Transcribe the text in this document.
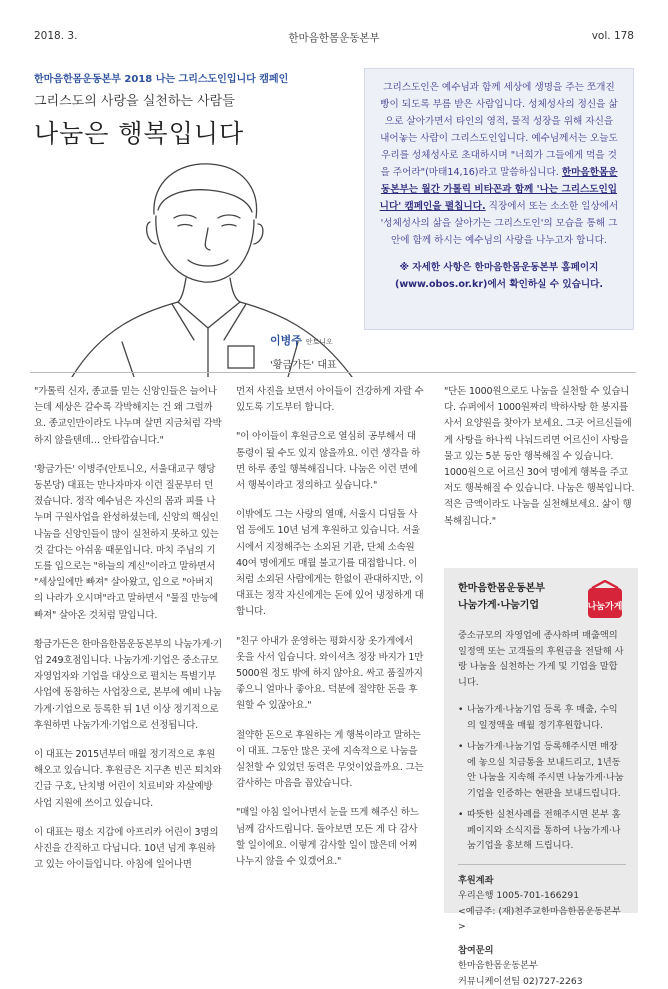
2018. 3.	한마음한몸운동본부	vol. 178
한마음한몸운동본부 2018 나는 그리스도인입니다 캠페인
그리스도의 사랑을 실천하는 사람들
나눔은 행복입니다
그리스도인은 예수님과 함께 세상에 생명을 주는 쪼개진 빵이 되도록 부름 받은 사람입니다. 성체성사의 정신을 삶으로 살아가면서 타인의 영적, 물적 성장을 위해 자신을 내어놓는 사람이 그리스도인입니다. 예수님께서는 오늘도 우리를 성체성사로 초대하시며 "너희가 그들에게 먹을 것을 주어라"(마태14,16)라고 말씀하십니다. 한마음한몸운동본부는 월간 가톨릭 비타꼰과 함께 '나는 그리스도인입니다' 캠페인을 펼칩니다. 직장에서 또는 소소한 일상에서 '성체성사의 삶을 살아가는 그리스도인'의 모습을 통해 그 안에 함께 하시는 예수님의 사랑을 나누고자 합니다.
※ 자세한 사항은 한마음한몸운동본부 홈페이지(www.obos.or.kr)에서 확인하실 수 있습니다.
이병주 안토니오
'황금가든' 대표

"가톨릭 신자, 종교를 믿는 신앙인들은 늘어나는데 세상은 갈수록 각박해지는 건 왜 그럴까요. 종교인만이라도 나누며 살면 지금처럼 각박하지 않을텐데… 안타깝습니다."

'황금가든' 이병주(안토니오, 서울대교구 행당동본당) 대표는 만나자마자 이런 질문부터 던졌습니다. 정작 예수님은 자신의 몸과 피를 나누며 구원사업을 완성하셨는데, 신앙의 핵심인 나눔을 신앙인들이 많이 실천하지 못하고 있는 것 같다는 아쉬움 때문입니다. 마치 주님의 기도를 입으로는 "하늘의 계신"이라고 말하면서 "세상일에만 빠져" 살아왔고, 입으로 "아버지의 나라가 오시며"라고 말하면서 "물질 만능에 빠져" 살아온 것처럼 말입니다.

황금가든은 한마음한몸운동본부의 나눔가게·기업 249호점입니다. 나눔가게·기업은 중소규모 자영업자와 기업을 대상으로 펼치는 특별기부 사업에 동참하는 사업장으로, 본부에 예비 나눔가게·기업으로 등록한 뒤 1년 이상 정기적으로 후원하면 나눔가게·기업으로 선정됩니다.

이 대표는 2015년부터 매월 정기적으로 후원해오고 있습니다. 후원금은 지구촌 빈곤 퇴치와 긴급 구호, 난치병 어린이 치료비와 자살예방 사업 지원에 쓰이고 있습니다.

이 대표는 평소 지갑에 아프리카 어린이 3명의 사진을 간직하고 다닙니다. 10년 넘게 후원하고 있는 아이들입니다. 아침에 일어나면

먼저 사진을 보면서 아이들이 건강하게 자랄 수 있도록 기도부터 합니다.

"이 아이들이 후원금으로 열심히 공부해서 대통령이 될 수도 있지 않을까요. 이런 생각을 하면 하루 종일 행복해집니다. 나눔은 이런 면에서 행복이라고 정의하고 싶습니다."

이밖에도 그는 사랑의 열매, 서울시 디딤돌 사업 등에도 10년 넘게 후원하고 있습니다. 서울시에서 지정해주는 소외된 기관, 단체 소속원 40여 명에게도 매월 불고기를 대접합니다. 이처럼 소외된 사람에게는 한없이 관대하지만, 이 대표는 정작 자신에게는 돈에 있어 냉정하게 대합니다.

"친구 아내가 운영하는 평화시장 옷가게에서 옷을 사서 입습니다. 와이셔츠 정장 바지가 1만 5000원 정도 밖에 하지 않아요. 싸고 품질까지 좋으니 얼마나 좋아요. 덕분에 절약한 돈을 후원할 수 있잖아요."

절약한 돈으로 후원하는 게 행복이라고 말하는 이 대표. 그동안 많은 곳에 지속적으로 나눔을 실천할 수 있었던 동력은 무엇이었을까요. 그는 감사하는 마음을 꼽았습니다.

"매일 아침 일어나면서 눈을 뜨게 해주신 하느님께 감사드립니다. 돌아보면 모든 게 다 감사할 일이에요. 이렇게 감사할 일이 많은데 어찌 나누지 않을 수 있겠어요."

"단돈 1000원으로도 나눔을 실천할 수 있습니다. 슈퍼에서 1000원짜리 박하사탕 한 봉지를 사서 요양원을 찾아가 보세요. 그곳 어르신들에게 사탕을 하나씩 나눠드리면 어르신이 사탕을 물고 있는 5분 동안 행복해질 수 있습니다. 1000원으로 어르신 30여 명에게 행복을 주고 저도 행복해질 수 있습니다. 나눔은 행복입니다. 적은 금액이라도 나눔을 실천해보세요. 삶이 행복해집니다."

한마음한몸운동본부
나눔가게·나눔기업	나눔가게
중소규모의 자영업에 종사하며 매출액의 일정액 또는 고객들의 후원금을 전달해 사랑 나눔을 실천하는 가게 및 기업을 말합니다.
• 나눔가게·나눔기업 등록 후 매출, 수익의 일정액을 매월 정기후원합니다.
• 나눔가게·나눔기업 등록해주시면 매장에 놓으실 치금통을 보내드리고, 1년동안 나눔을 지속해 주시면 나눔가게·나눔기업을 인증하는 현판을 보내드립니다.
• 따뜻한 실천사례를 전해주시면 본부 홈페이지와 소식지를 통하여 나눔가게·나눔기업을 홍보해 드립니다.
후원계좌
우리은행 1005-701-166291
<예금주: (재)천주교한마음한몸운동본부>
참여문의
한마음한몸운동본부
커뮤니케이션팀 02)727-2263
